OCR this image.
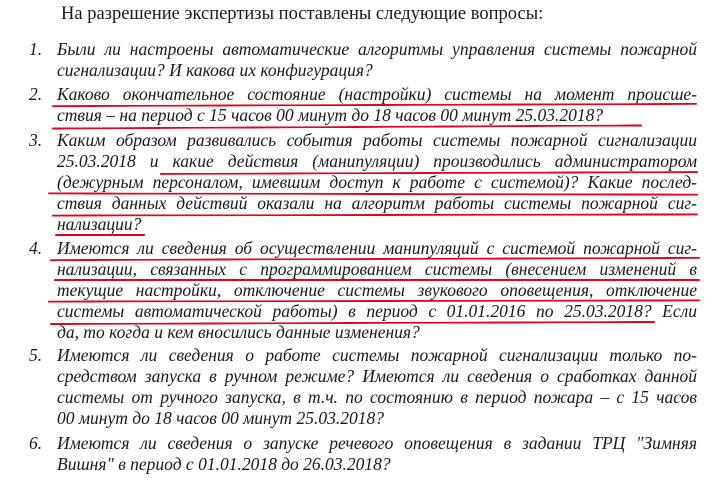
На разрешение экспертизы поставлены следующие вопросы:

1. Были ли настроены автоматические алгоритмы управления системы пожарной
сигнализации? И какова их конфигурация?
2. Каково окончательное состояние (настройки) системы на момент происше-
ствия – на период с 15 часов 00 минут до 18 часов 00 минут 25.03.2018?
3. Каким образом развивались события работы системы пожарной сигнализации
25.03.2018 и какие действия (манипуляции) производились администратором
(дежурным персоналом, имевшим доступ к работе с системой)? Какие послед-
ствия данных действий оказали на алгоритм работы системы пожарной сиг-
нализации?
4. Имеются ли сведения об осуществлении манипуляций с системой пожарной сиг-
нализации, связанных с программированием системы (внесением изменений в
текущие настройки, отключение системы звукового оповещения, отключение
системы автоматической работы) в период с 01.01.2016 по 25.03.2018? Если
да, то когда и кем вносились данные изменения?
5. Имеются ли сведения о работе системы пожарной сигнализации только по-
средством запуска в ручном режиме? Имеются ли сведения о сработках данной
системы от ручного запуска, в т.ч. по состоянию в период пожара – с 15 часов
00 минут до 18 часов 00 минут 25.03.2018?
6. Имеются ли сведения о запуске речевого оповещения в задании ТРЦ "Зимняя
Вишня" в период с 01.01.2018 до 26.03.2018?
